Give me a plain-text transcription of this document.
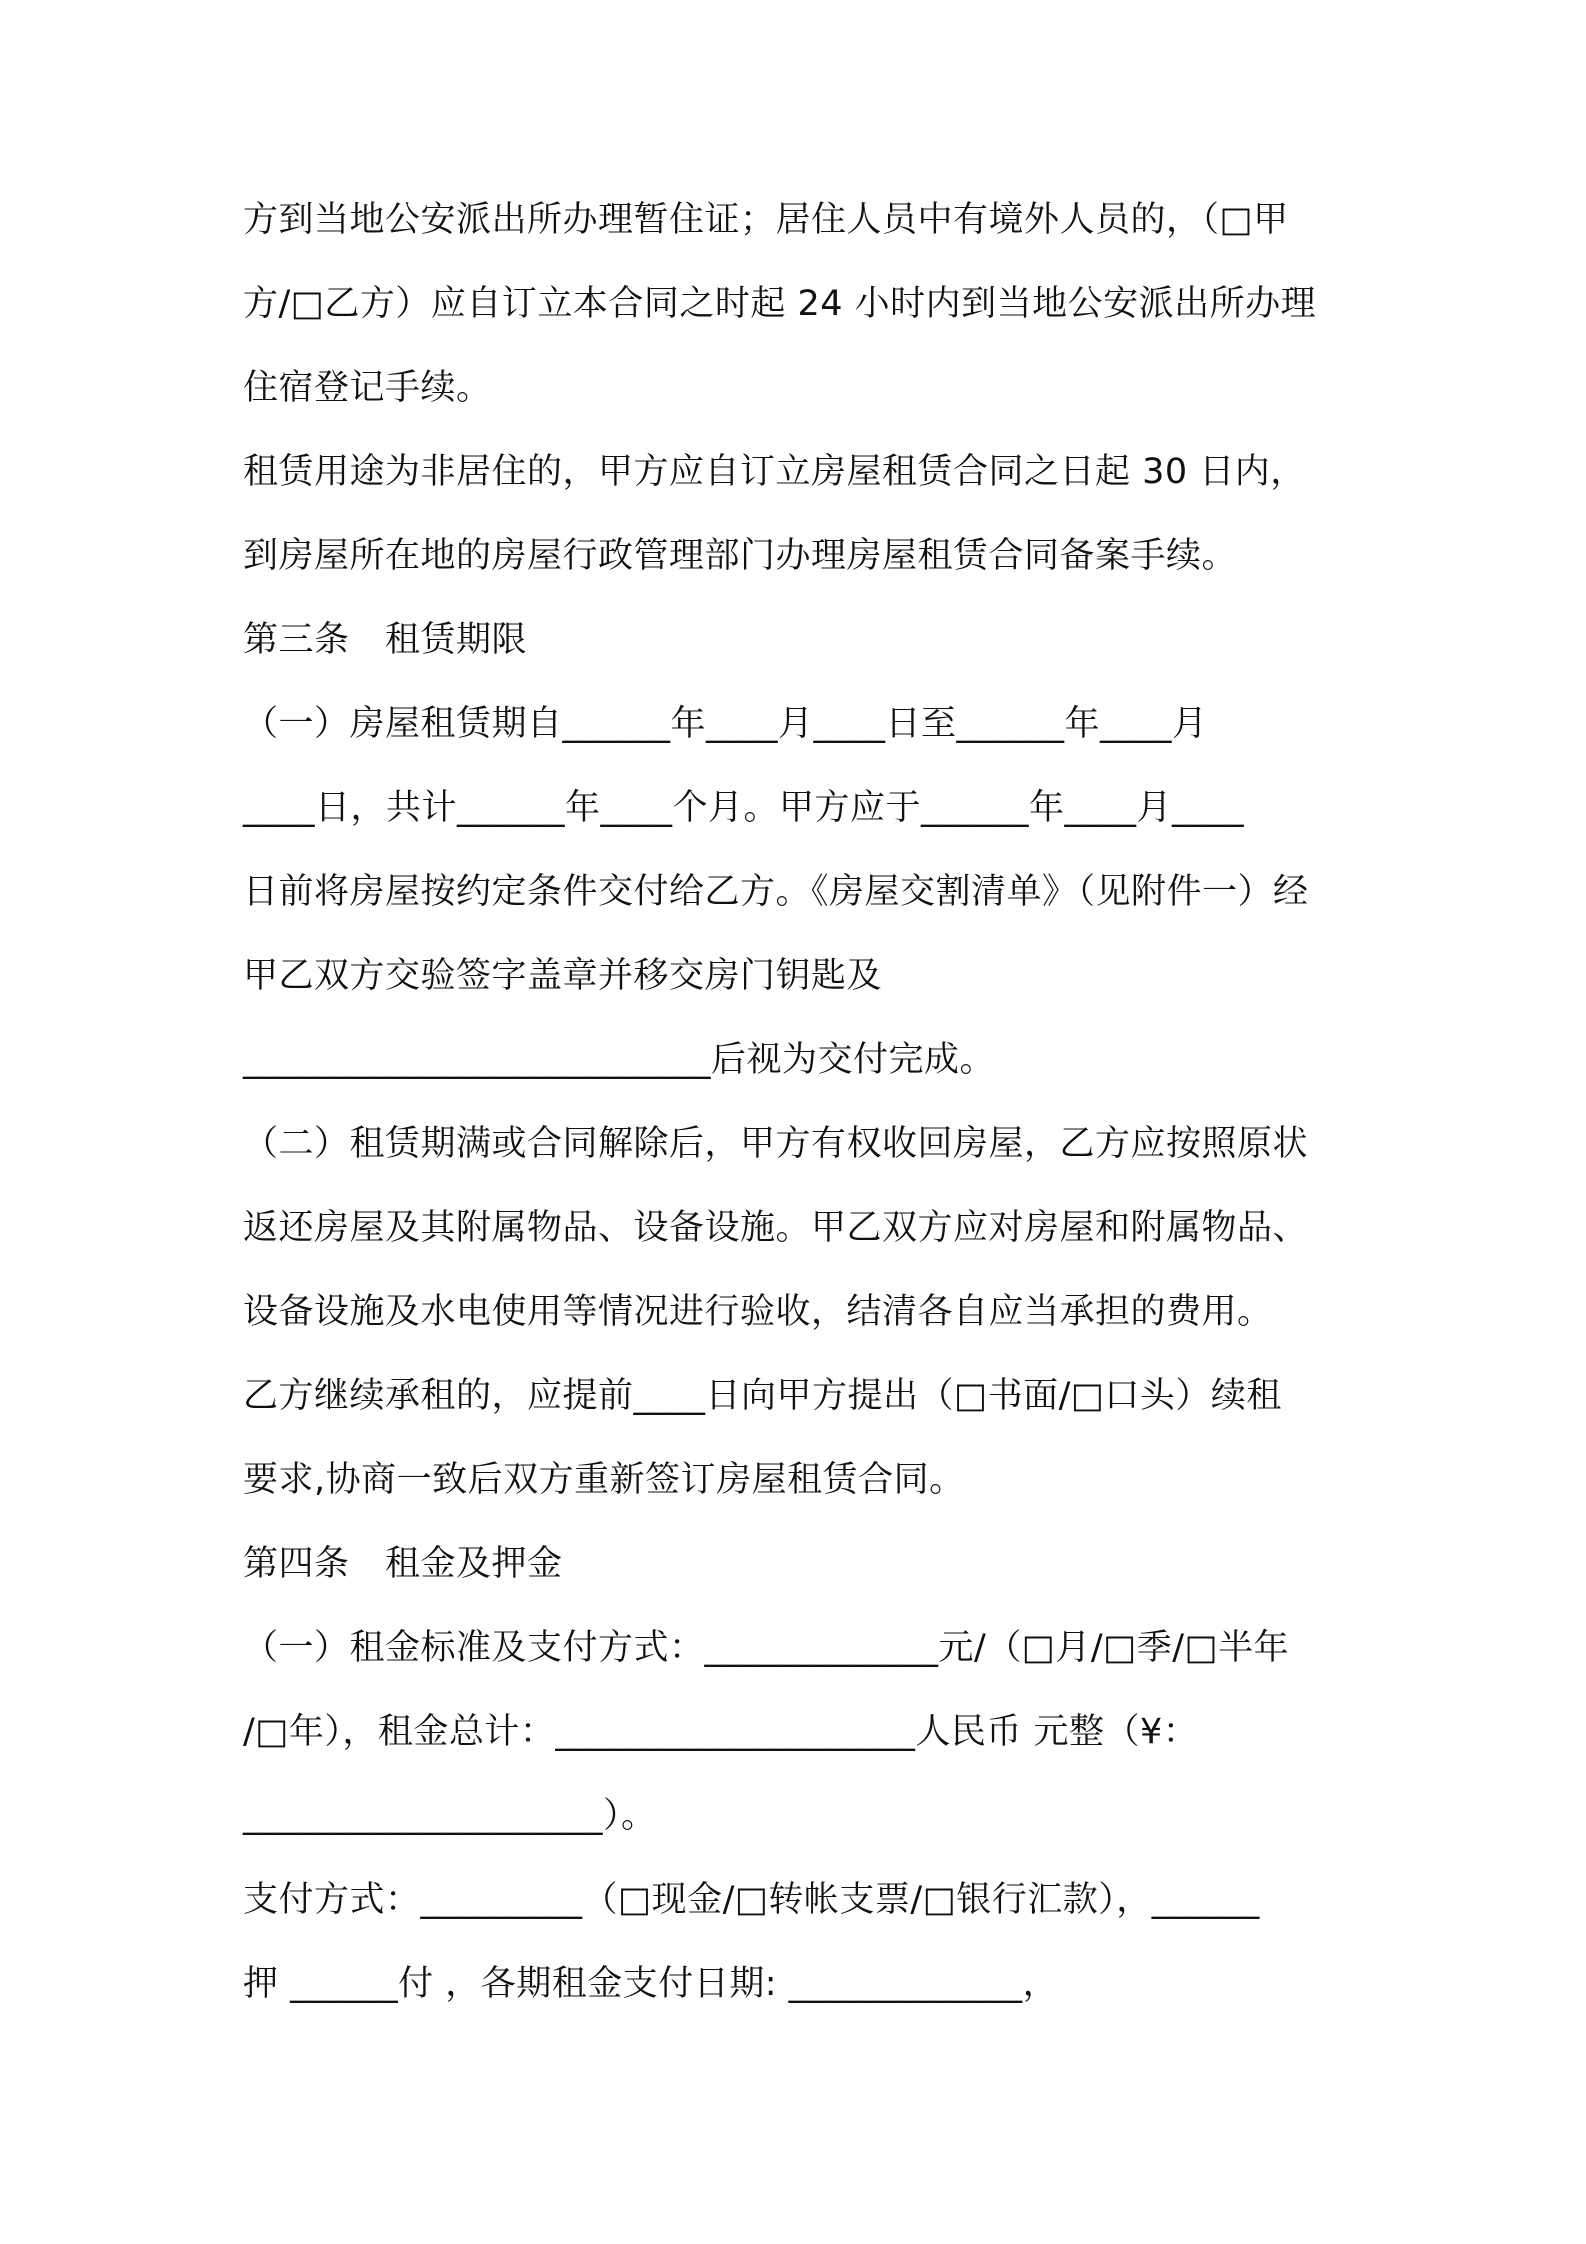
方到当地公安派出所办理暂住证；居住人员中有境外人员的，（□甲
方/□乙方）应自订立本合同之时起 24 小时内到当地公安派出所办理
住宿登记手续。
租赁用途为非居住的，甲方应自订立房屋租赁合同之日起 30 日内，
到房屋所在地的房屋行政管理部门办理房屋租赁合同备案手续。
第三条　租赁期限
（一）房屋租赁期自______年____月____日至______年____月
____日，共计______年____个月。甲方应于______年____月____
日前将房屋按约定条件交付给乙方。《房屋交割清单》（见附件一）经
甲乙双方交验签字盖章并移交房门钥匙及
__________________________后视为交付完成。
（二）租赁期满或合同解除后，甲方有权收回房屋，乙方应按照原状
返还房屋及其附属物品、设备设施。甲乙双方应对房屋和附属物品、
设备设施及水电使用等情况进行验收，结清各自应当承担的费用。
乙方继续承租的，应提前____日向甲方提出（□书面/□口头）续租
要求,协商一致后双方重新签订房屋租赁合同。
第四条　租金及押金
（一）租金标准及支付方式：_____________元/（□月/□季/□半年
/□年），租金总计：____________________人民币 元整（¥：
____________________）。
支付方式：_________（□现金/□转帐支票/□银行汇款），______
押 ______付 ，各期租金支付日期: _____________，
